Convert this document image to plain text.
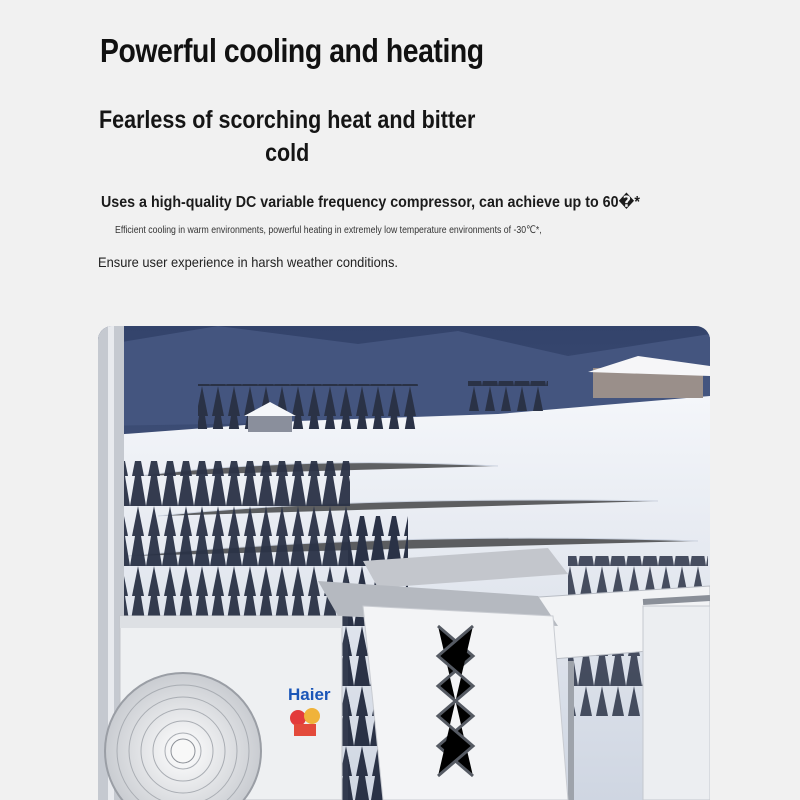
Powerful cooling and heating
Fearless of scorching heat and bitter cold
Uses a high-quality DC variable frequency compressor, can achieve up to 60�*
Efficient cooling in warm environments, powerful heating in extremely low temperature environments of -30℃*,
Ensure user experience in harsh weather conditions.
Haier
